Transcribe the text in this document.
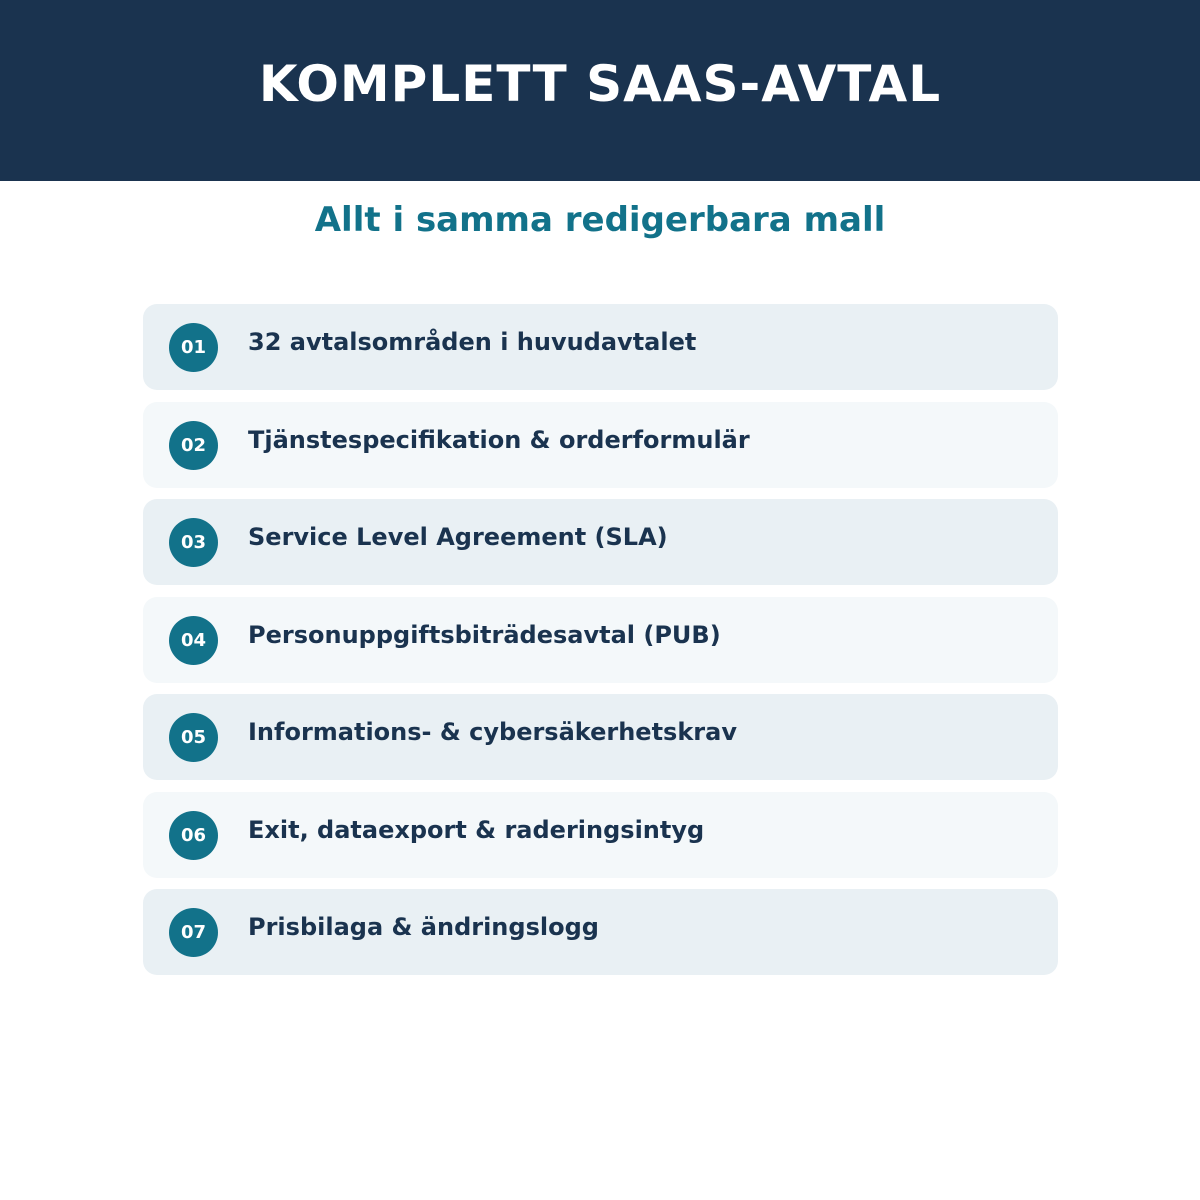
KOMPLETT SAAS-AVTAL
Allt i samma redigerbara mall
01	32 avtalsområden i huvudavtalet
02	Tjänstespecifikation & orderformulär
03	Service Level Agreement (SLA)
04	Personuppgiftsbiträdesavtal (PUB)
05	Informations- & cybersäkerhetskrav
06	Exit, dataexport & raderingsintyg
07	Prisbilaga & ändringslogg
